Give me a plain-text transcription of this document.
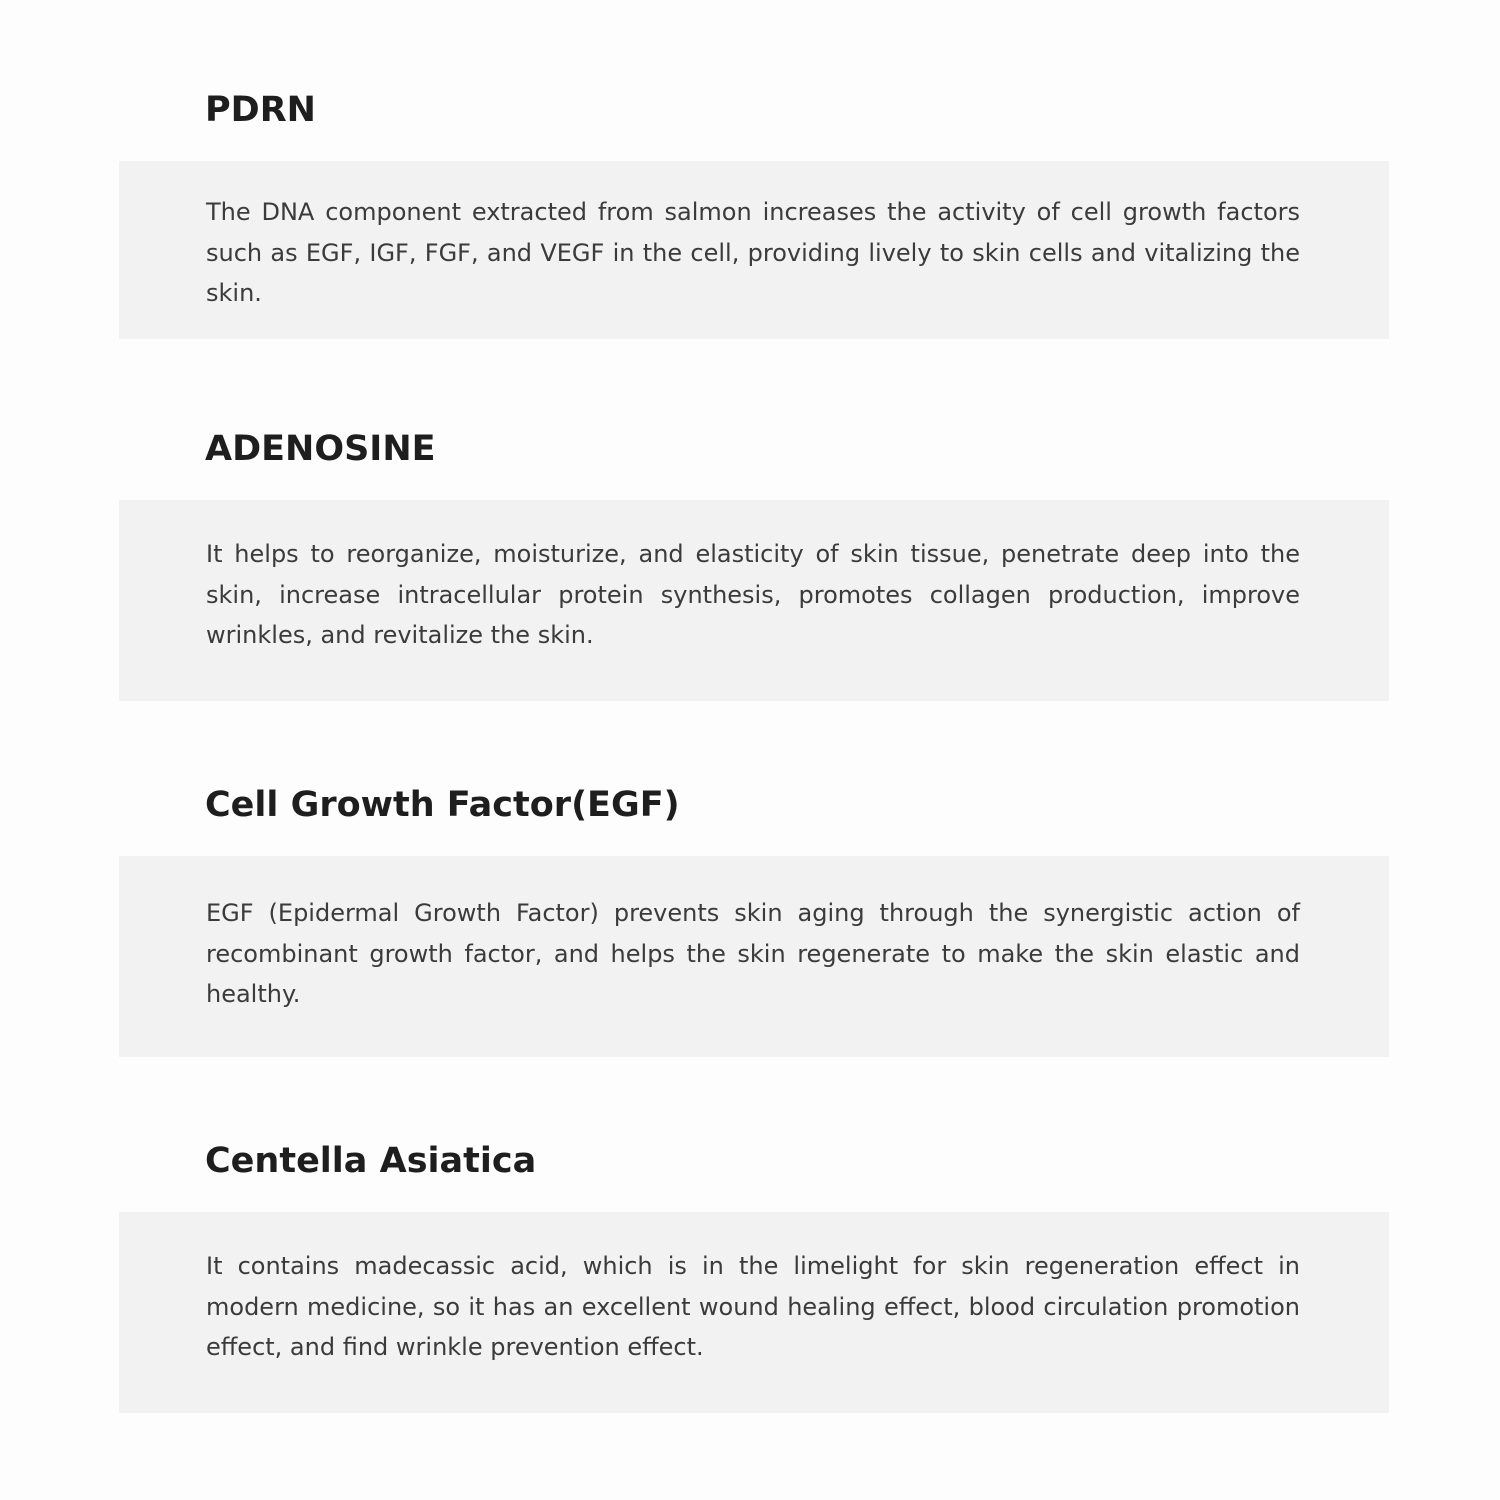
PDRN

The DNA component extracted from salmon increases the activity of cell growth factors such as EGF, IGF, FGF, and VEGF in the cell, providing lively to skin cells and vitalizing the skin.

ADENOSINE

It helps to reorganize, moisturize, and elasticity of skin tissue, penetrate deep into the skin, increase intracellular protein synthesis, promotes collagen production, improve wrinkles, and revitalize the skin.

Cell Growth Factor(EGF)

EGF (Epidermal Growth Factor) prevents skin aging through the synergistic action of recombinant growth factor, and helps the skin regenerate to make the skin elastic and healthy.

Centella Asiatica

It contains madecassic acid, which is in the limelight for skin regeneration effect in modern medicine, so it has an excellent wound healing effect, blood circulation promotion effect, and find wrinkle prevention effect.
